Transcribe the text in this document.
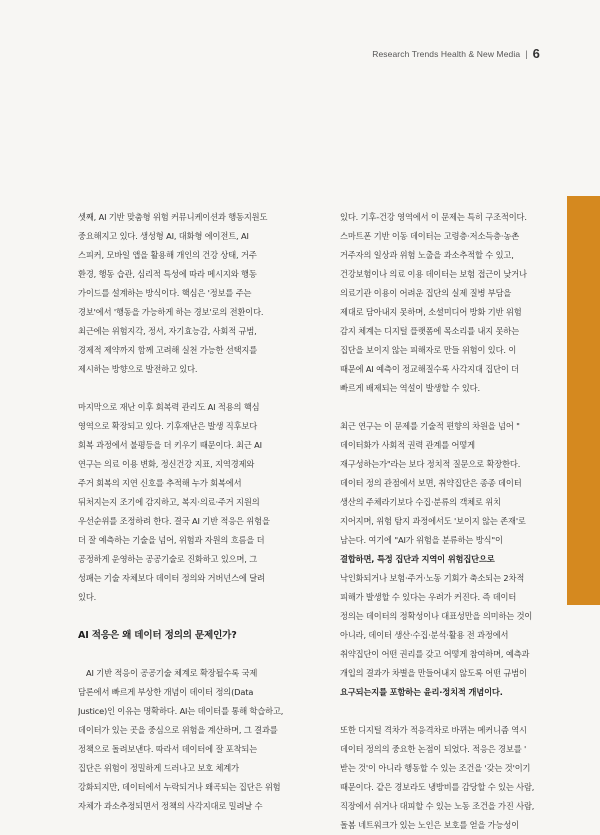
Research Trends Health & New Media | 6

셋째, AI 기반 맞춤형 위험 커뮤니케이션과 행동지원도
중요해지고 있다. 생성형 AI, 대화형 에이전트, AI
스피커, 모바일 앱을 활용해 개인의 건강 상태, 거주
환경, 행동 습관, 심리적 특성에 따라 메시지와 행동
가이드를 설계하는 방식이다. 핵심은 '정보를 주는
경보'에서 '행동을 가능하게 하는 경보'로의 전환이다.
최근에는 위험지각, 정서, 자기효능감, 사회적 규범,
경제적 제약까지 함께 고려해 실천 가능한 선택지를
제시하는 방향으로 발전하고 있다.

마지막으로 재난 이후 회복력 관리도 AI 적용의 핵심
영역으로 확장되고 있다. 기후재난은 발생 직후보다
회복 과정에서 불평등을 더 키우기 때문이다. 최근 AI
연구는 의료 이용 변화, 정신건강 지표, 지역경제와
주거 회복의 지연 신호를 추적해 누가 회복에서
뒤처지는지 조기에 감지하고, 복지·의료·주거 지원의
우선순위를 조정하려 한다. 결국 AI 기반 적응은 위험을
더 잘 예측하는 기술을 넘어, 위험과 자원의 흐름을 더
공정하게 운영하는 공공기술로 진화하고 있으며, 그
성패는 기술 자체보다 데이터 정의와 거버넌스에 달려
있다.

AI 적응은 왜 데이터 정의의 문제인가?

AI 기반 적응이 공공기술 체계로 확장될수록 국제
담론에서 빠르게 부상한 개념이 데이터 정의(Data
Justice)인 이유는 명확하다. AI는 데이터를 통해 학습하고,
데이터가 있는 곳을 중심으로 위험을 계산하며, 그 결과를
정책으로 돌려보낸다. 따라서 데이터에 잘 포착되는
집단은 위험이 정밀하게 드러나고 보호 체계가
강화되지만, 데이터에서 누락되거나 왜곡되는 집단은 위험
자체가 과소추정되면서 정책의 사각지대로 밀려날 수

있다. 기후-건강 영역에서 이 문제는 특히 구조적이다.
스마트폰 기반 이동 데이터는 고령층·저소득층·농촌
거주자의 일상과 위험 노출을 과소추적할 수 있고,
건강보험이나 의료 이용 데이터는 보험 접근이 낮거나
의료기관 이용이 어려운 집단의 실제 질병 부담을
제대로 담아내지 못하며, 소셜미디어 방화 기반 위험
감지 체계는 디지털 플랫폼에 목소리를 내지 못하는
집단을 보이지 않는 피해자로 만들 위험이 있다. 이
때문에 AI 예측이 정교해질수록 사각지대 집단이 더
빠르게 배제되는 역설이 발생할 수 있다.

최근 연구는 이 문제를 기술적 편향의 차원을 넘어 "
데이터화가 사회적 권력 관계를 어떻게
재구성하는가"라는 보다 정치적 질문으로 확장한다.
데이터 정의 관점에서 보면, 취약집단은 종종 데이터
생산의 주체라기보다 수집·분류의 객체로 위치
지어지며, 위험 탐지 과정에서도 '보이지 않는 존재'로
남는다. 여기에 "AI가 위험을 분류하는 방식"이
결합하면, 특정 집단과 지역이 위험집단으로
낙인화되거나 보험·주거·노동 기회가 축소되는 2차적
피해가 발생할 수 있다는 우려가 커진다. 즉 데이터
정의는 데이터의 정확성이나 대표성만을 의미하는 것이
아니라, 데이터 생산·수집·분석·활용 전 과정에서
취약집단이 어떤 권리를 갖고 어떻게 참여하며, 예측과
개입의 결과가 차별을 만들어내지 않도록 어떤 규범이
요구되는지를 포함하는 윤리·정치적 개념이다.

또한 디지털 격차가 적응격차로 바뀌는 메커니즘 역시
데이터 정의의 중요한 논점이 되었다. 적응은 경보를 '
받는 것'이 아니라 행동할 수 있는 조건을 '갖는 것'이기
때문이다. 같은 경보라도 냉방비를 감당할 수 있는 사람,
직장에서 쉬거나 대피할 수 있는 노동 조건을 가진 사람,
돌봄 네트워크가 있는 노인은 보호를 얻을 가능성이
